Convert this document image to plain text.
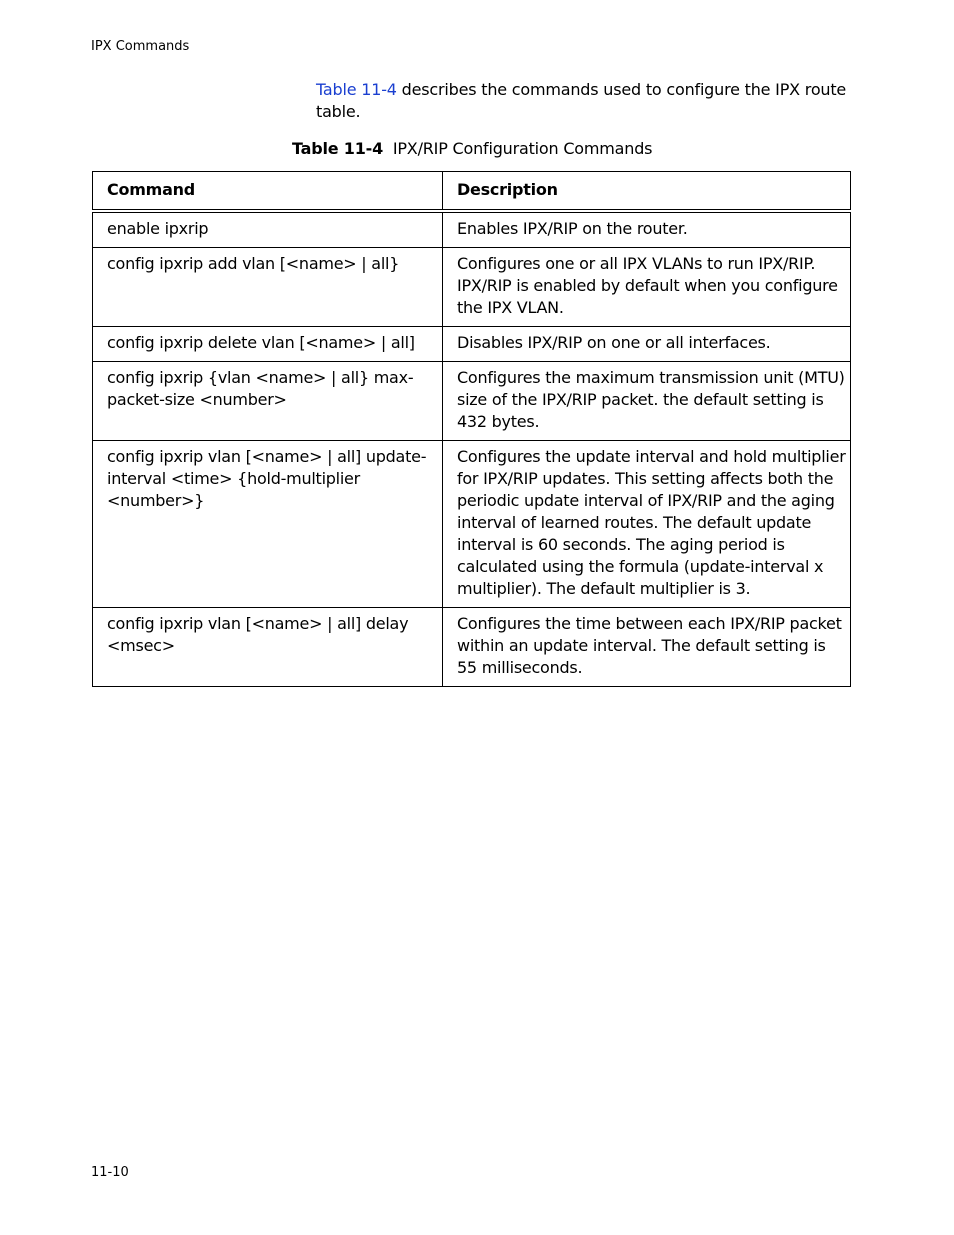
IPX Commands

Table 11-4 describes the commands used to configure the IPX route table.

Table 11-4 IPX/RIP Configuration Commands
Command	Description
enable ipxrip	Enables IPX/RIP on the router.
config ipxrip add vlan [<name> | all}	Configures one or all IPX VLANs to run IPX/RIP. IPX/RIP is enabled by default when you configure the IPX VLAN.
config ipxrip delete vlan [<name> | all]	Disables IPX/RIP on one or all interfaces.
config ipxrip {vlan <name> | all} max-packet-size <number>	Configures the maximum transmission unit (MTU) size of the IPX/RIP packet. the default setting is 432 bytes.
config ipxrip vlan [<name> | all] update-interval <time> {hold-multiplier <number>}	Configures the update interval and hold multiplier for IPX/RIP updates. This setting affects both the periodic update interval of IPX/RIP and the aging interval of learned routes. The default update interval is 60 seconds. The aging period is calculated using the formula (update-interval x multiplier). The default multiplier is 3.
config ipxrip vlan [<name> | all] delay <msec>	Configures the time between each IPX/RIP packet within an update interval. The default setting is 55 milliseconds.
11-10
